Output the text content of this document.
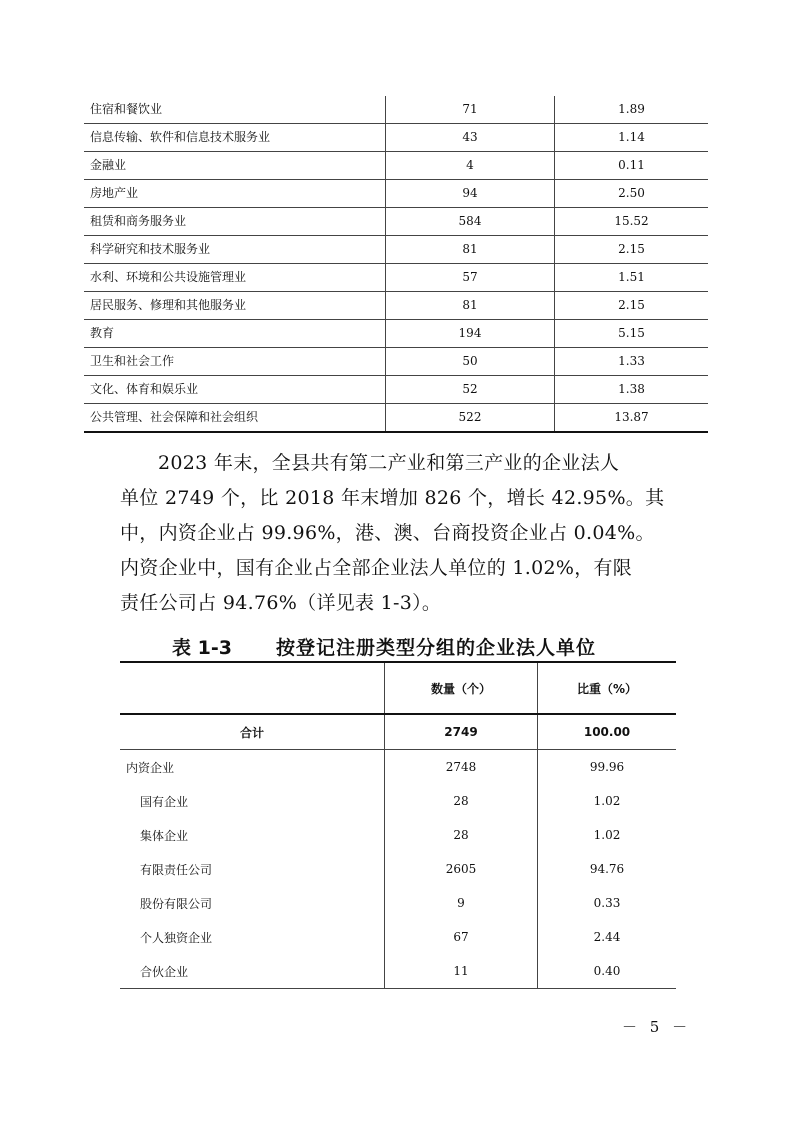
住宿和餐饮业	71	1.89
信息传输、软件和信息技术服务业	43	1.14
金融业	4	0.11
房地产业	94	2.50
租赁和商务服务业	584	15.52
科学研究和技术服务业	81	2.15
水利、环境和公共设施管理业	57	1.51
居民服务、修理和其他服务业	81	2.15
教育	194	5.15
卫生和社会工作	50	1.33
文化、体育和娱乐业	52	1.38
公共管理、社会保障和社会组织	522	13.87

2023 年末，全县共有第二产业和第三产业的企业法人
单位 2749 个，比 2018 年末增加 826 个，增长 42.95%。其
中，内资企业占 99.96%，港、澳、台商投资企业占 0.04%。
内资企业中，国有企业占全部企业法人单位的 1.02%，有限
责任公司占 94.76%（详见表 1-3）。

表 1-3 按登记注册类型分组的企业法人单位
	数量（个）	比重（%）
合计	2749	100.00
内资企业	2748	99.96
国有企业	28	1.02
集体企业	28	1.02
有限责任公司	2605	94.76
股份有限公司	9	0.33
个人独资企业	67	2.44
合伙企业	11	0.40
－ 5 －
